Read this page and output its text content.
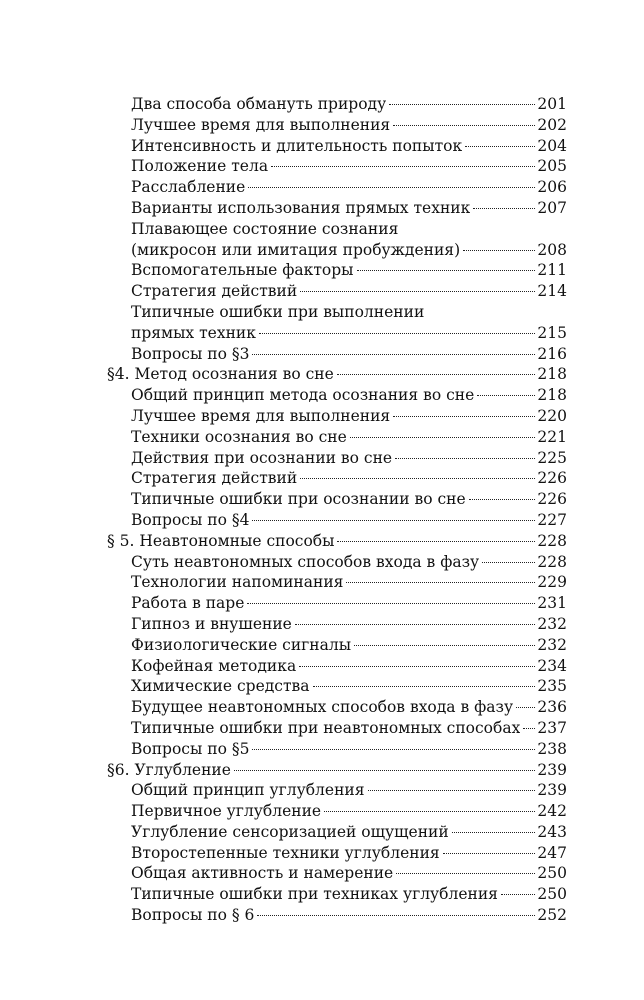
Два способа обмануть природу	201
Лучшее время для выполнения	202
Интенсивность и длительность попыток	204
Положение тела	205
Расслабление	206
Варианты использования прямых техник	207
Плавающее состояние сознания
(микросон или имитация пробуждения)	208
Вспомогательные факторы	211
Стратегия действий	214
Типичные ошибки при выполнении
прямых техник	215
Вопросы по §3	216
§4. Метод осознания во сне	218
Общий принцип метода осознания во сне	218
Лучшее время для выполнения	220
Техники осознания во сне	221
Действия при осознании во сне	225
Стратегия действий	226
Типичные ошибки при осознании во сне	226
Вопросы по §4	227
§ 5. Неавтономные способы	228
Суть неавтономных способов входа в фазу	228
Технологии напоминания	229
Работа в паре	231
Гипноз и внушение	232
Физиологические сигналы	232
Кофейная методика	234
Химические средства	235
Будущее неавтономных способов входа в фазу 236
Типичные ошибки при неавтономных способах 237
Вопросы по §5	238
§6. Углубление	239
Общий принцип углубления	239
Первичное углубление	242
Углубление сенсоризацией ощущений	243
Второстепенные техники углубления	247
Общая активность и намерение	250
Типичные ошибки при техниках углубления	250
Вопросы по § 6	252
